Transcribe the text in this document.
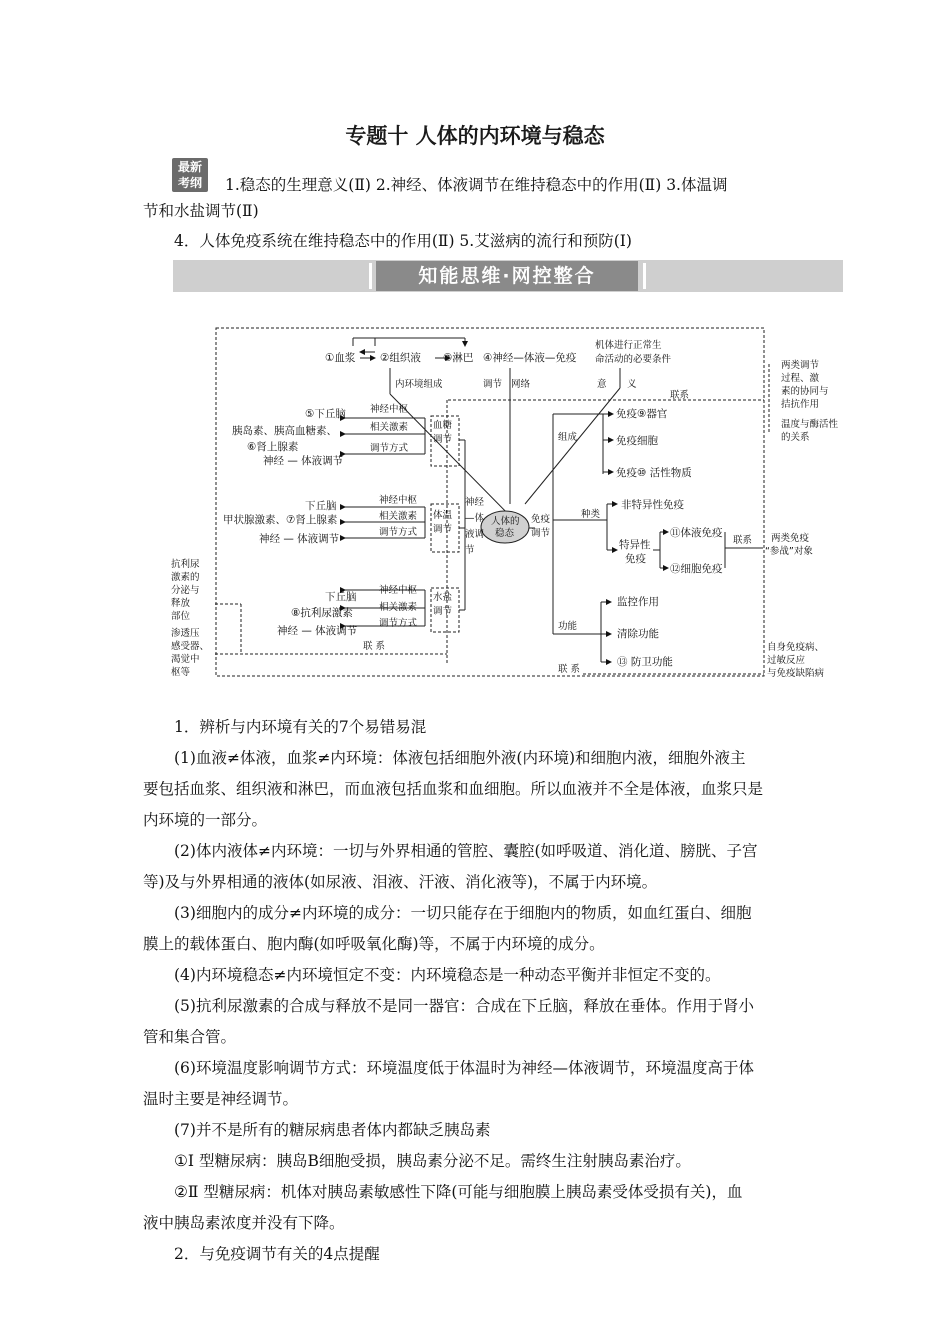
专题十 人体的内环境与稳态
最新
考纲	1.稳态的生理意义(Ⅱ) 2.神经、体液调节在维持稳态中的作用(Ⅱ) 3.体温调
节和水盐调节(Ⅱ)
4．人体免疫系统在维持稳态中的作用(Ⅱ) 5.艾滋病的流行和预防(Ⅰ)
知能思维·网控整合
①血浆 ②组织液 ③淋巴 ④神经—体液—免疫
机体进行正常生
命活动的必要条件
内环境组成	调节 网络	意 义
联系
两类调节
过程、激
素的协同与
拮抗作用
温度与酶活性
的关系
⑤下丘脑
胰岛素、胰高血糖素、
⑥肾上腺素
神经 — 体液调节
神经中枢
相关激素
调节方式
血糖
调节
下丘脑
甲状腺激素、⑦肾上腺素
神经 — 体液调节
神经中枢
相关激素
调节方式
体温
调节
神经
—体
液调
节
下丘脑
⑧抗利尿激素
神经 — 体液调节
神经中枢
相关激素
调节方式
水盐
调节
抗利尿
激素的
分泌与
释放
部位
渗透压
感受器、
渴觉中
枢等
联 系
人体的
稳态
组成
免疫⑨器官
免疫细胞
免疫⑩ 活性物质
免疫
调节
种类
非特异性免疫
特异性
免疫
⑪体液免疫
⑫细胞免疫
联系 两类免疫
“参战”对象
功能
监控作用
清除功能
⑬ 防卫功能
联 系
自身免疫病、
过敏反应
与免疫缺陷病

1．辨析与内环境有关的7个易错易混

(1)血液≠体液，血浆≠内环境：体液包括细胞外液(内环境)和细胞内液，细胞外液主

要包括血浆、组织液和淋巴，而血液包括血浆和血细胞。所以血液并不全是体液，血浆只是

内环境的一部分。

(2)体内液体≠内环境：一切与外界相通的管腔、囊腔(如呼吸道、消化道、膀胱、子宫

等)及与外界相通的液体(如尿液、泪液、汗液、消化液等)，不属于内环境。

(3)细胞内的成分≠内环境的成分：一切只能存在于细胞内的物质，如血红蛋白、细胞

膜上的载体蛋白、胞内酶(如呼吸氧化酶)等，不属于内环境的成分。

(4)内环境稳态≠内环境恒定不变：内环境稳态是一种动态平衡并非恒定不变的。

(5)抗利尿激素的合成与释放不是同一器官：合成在下丘脑，释放在垂体。作用于肾小

管和集合管。

(6)环境温度影响调节方式：环境温度低于体温时为神经—体液调节，环境温度高于体

温时主要是神经调节。

(7)并不是所有的糖尿病患者体内都缺乏胰岛素

①Ⅰ 型糖尿病：胰岛B细胞受损，胰岛素分泌不足。需终生注射胰岛素治疗。

②Ⅱ 型糖尿病：机体对胰岛素敏感性下降(可能与细胞膜上胰岛素受体受损有关)，血

液中胰岛素浓度并没有下降。

2．与免疫调节有关的4点提醒
